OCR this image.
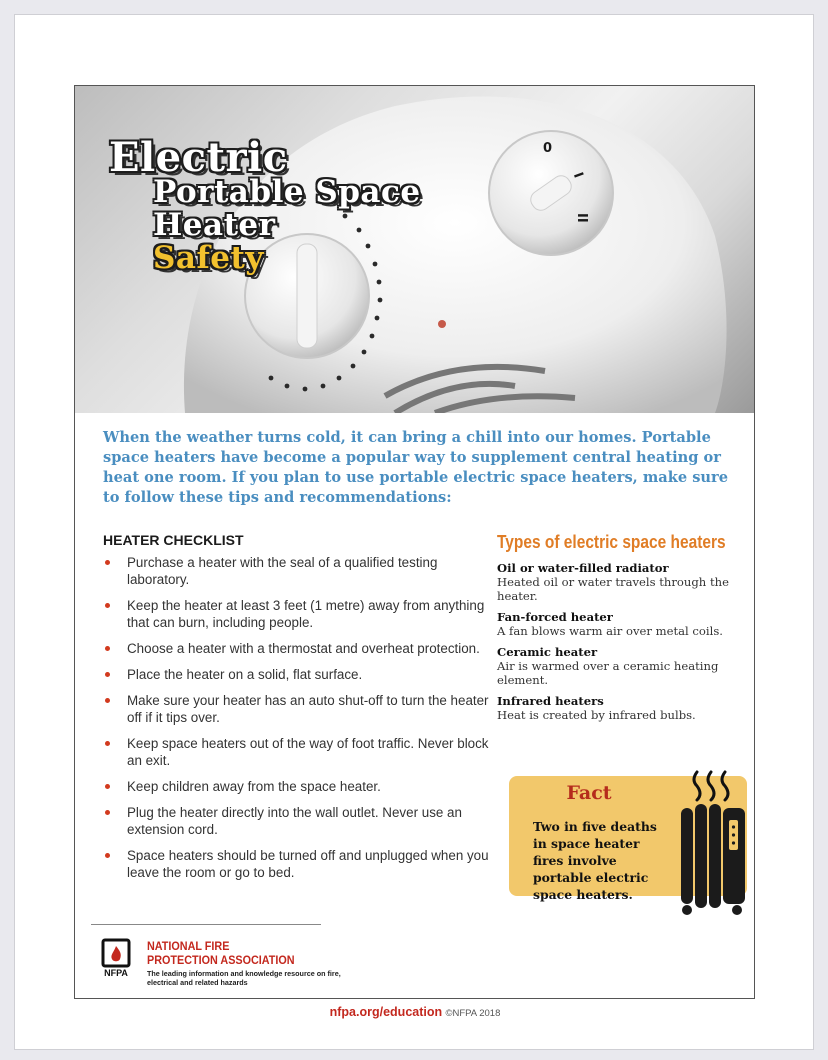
0
I
II
Electric
Portable Space
Heater
Safety
When the weather turns cold, it can bring a chill into our homes. Portable space heaters have become a popular way to supplement central heating or heat one room. If you plan to use portable electric space heaters, make sure to follow these tips and recommendations:
HEATER CHECKLIST
Purchase a heater with the seal of a qualified testing laboratory.
Keep the heater at least 3 feet (1 metre) away from anything that can burn, including people.
Choose a heater with a thermostat and overheat protection.
Place the heater on a solid, flat surface.
Make sure your heater has an auto shut-off to turn the heater off if it tips over.
Keep space heaters out of the way of foot traffic. Never block an exit.
Keep children away from the space heater.
Plug the heater directly into the wall outlet. Never use an extension cord.
Space heaters should be turned off and unplugged when you leave the room or go to bed.
Types of electric space heaters
Oil or water-filled radiator
Heated oil or water travels through the heater.
Fan-forced heater
A fan blows warm air over metal coils.
Ceramic heater
Air is warmed over a ceramic heating element.
Infrared heaters
Heat is created by infrared bulbs.
Fact
Two in five deaths in space heater fires involve portable electric space heaters.
NFPA
NATIONAL FIRE
PROTECTION ASSOCIATION
The leading information and knowledge resource on fire, electrical and related hazards
nfpa.org/education ©NFPA 2018
